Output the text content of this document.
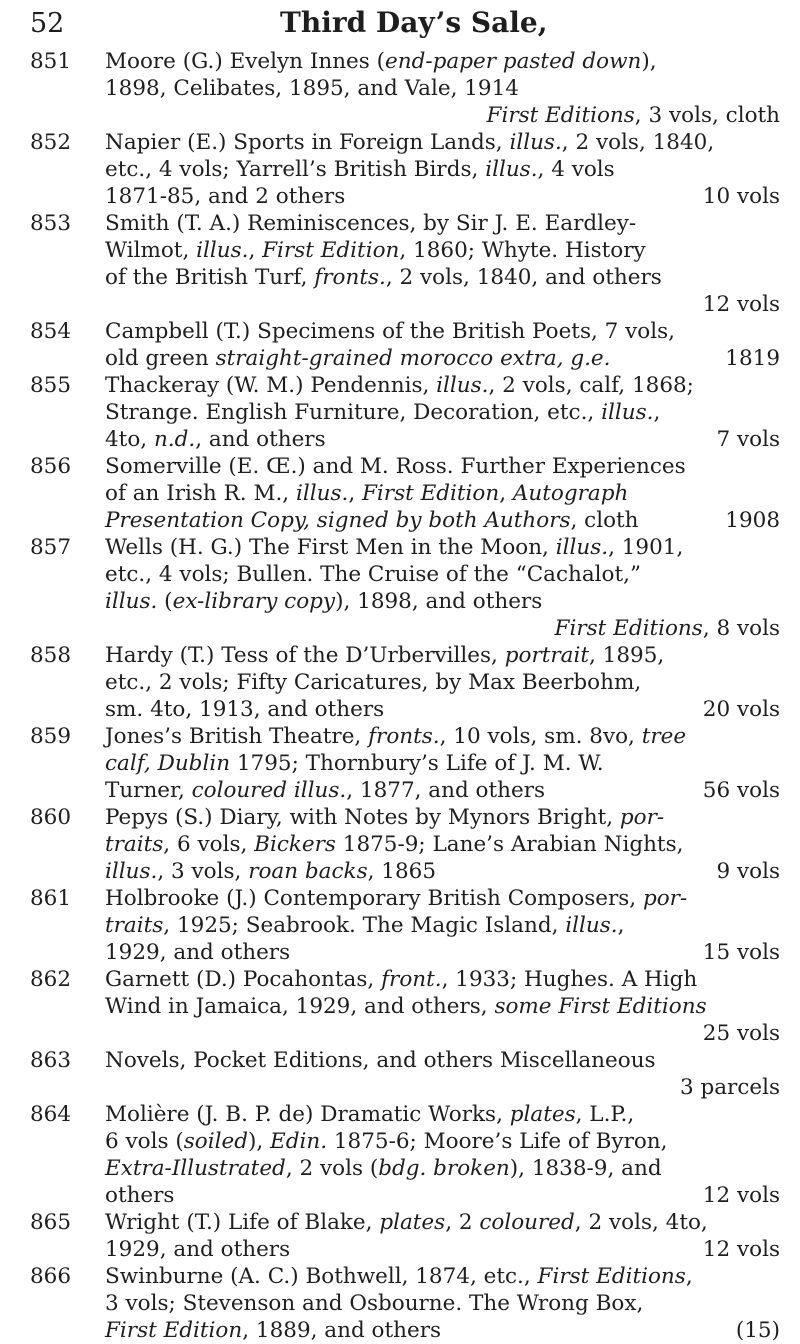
52	Third Day’s Sale,
851 Moore (G.) Evelyn Innes (end-paper pasted down),
1898, Celibates, 1895, and Vale, 1914
First Editions, 3 vols, cloth
852 Napier (E.) Sports in Foreign Lands, illus., 2 vols, 1840,
etc., 4 vols; Yarrell’s British Birds, illus., 4 vols
1871-85, and 2 others	10 vols
853 Smith (T. A.) Reminiscences, by Sir J. E. Eardley-
Wilmot, illus., First Edition, 1860; Whyte. History
of the British Turf, fronts., 2 vols, 1840, and others
12 vols
854 Campbell (T.) Specimens of the British Poets, 7 vols,
old green straight-grained morocco extra, g.e.	1819
855 Thackeray (W. M.) Pendennis, illus., 2 vols, calf, 1868;
Strange. English Furniture, Decoration, etc., illus.,
4to, n.d., and others	7 vols
856 Somerville (E. Œ.) and M. Ross. Further Experiences
of an Irish R. M., illus., First Edition, Autograph
Presentation Copy, signed by both Authors, cloth	1908
857 Wells (H. G.) The First Men in the Moon, illus., 1901,
etc., 4 vols; Bullen. The Cruise of the “Cachalot,”
illus. (ex-library copy), 1898, and others
First Editions, 8 vols
858 Hardy (T.) Tess of the D’Urbervilles, portrait, 1895,
etc., 2 vols; Fifty Caricatures, by Max Beerbohm,
sm. 4to, 1913, and others	20 vols
859 Jones’s British Theatre, fronts., 10 vols, sm. 8vo, tree
calf, Dublin 1795; Thornbury’s Life of J. M. W.
Turner, coloured illus., 1877, and others	56 vols
860 Pepys (S.) Diary, with Notes by Mynors Bright, por-
traits, 6 vols, Bickers 1875-9; Lane’s Arabian Nights,
illus., 3 vols, roan backs, 1865	9 vols
861 Holbrooke (J.) Contemporary British Composers, por-
traits, 1925; Seabrook. The Magic Island, illus.,
1929, and others	15 vols
862 Garnett (D.) Pocahontas, front., 1933; Hughes. A High
Wind in Jamaica, 1929, and others, some First Editions
25 vols
863 Novels, Pocket Editions, and others Miscellaneous
3 parcels
864 Molière (J. B. P. de) Dramatic Works, plates, L.P.,
6 vols (soiled), Edin. 1875-6; Moore’s Life of Byron,
Extra-Illustrated, 2 vols (bdg. broken), 1838-9, and
others	12 vols
865 Wright (T.) Life of Blake, plates, 2 coloured, 2 vols, 4to,
1929, and others	12 vols
866 Swinburne (A. C.) Bothwell, 1874, etc., First Editions,
3 vols; Stevenson and Osbourne. The Wrong Box,
First Edition, 1889, and others	(15)
